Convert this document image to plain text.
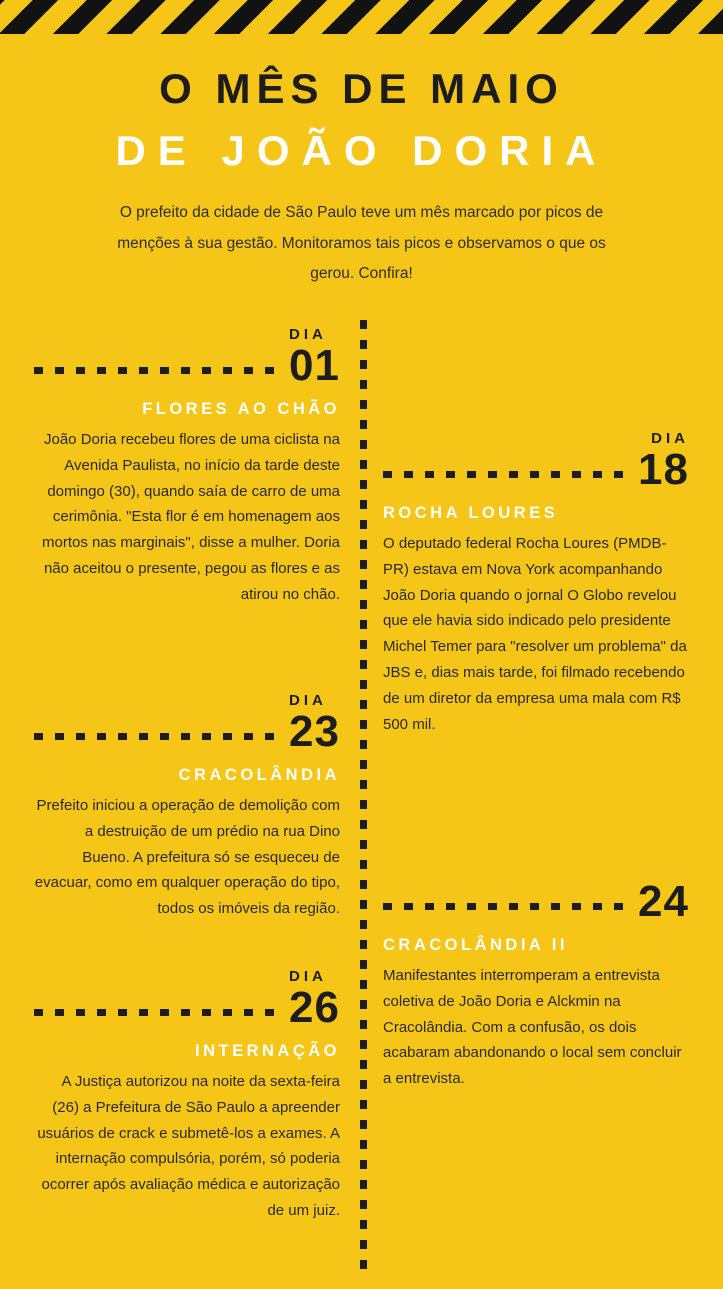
O MÊS DE MAIO
DE JOÃO DORIA

O prefeito da cidade de São Paulo teve um mês marcado por picos de menções à sua gestão. Monitoramos tais picos e observamos o que os gerou. Confira!

DIA
01
FLORES AO CHÃO

João Doria recebeu flores de uma ciclista na Avenida Paulista, no início da tarde deste domingo (30), quando saía de carro de uma cerimônia. "Esta flor é em homenagem aos mortos nas marginais", disse a mulher. Doria não aceitou o presente, pegou as flores e as atirou no chão.

DIA
23
CRACOLÂNDIA

Prefeito iniciou a operação de demolição com a destruição de um prédio na rua Dino Bueno. A prefeitura só se esqueceu de evacuar, como em qualquer operação do tipo, todos os imóveis da região.

DIA
26
INTERNAÇÃO

A Justiça autorizou na noite da sexta-feira (26) a Prefeitura de São Paulo a apreender usuários de crack e submetê-los a exames. A internação compulsória, porém, só poderia ocorrer após avaliação médica e autorização de um juiz.

DIA
18
ROCHA LOURES

O deputado federal Rocha Loures (PMDB-PR) estava em Nova York acompanhando João Doria quando o jornal O Globo revelou que ele havia sido indicado pelo presidente Michel Temer para "resolver um problema" da JBS e, dias mais tarde, foi filmado recebendo de um diretor da empresa uma mala com R$ 500 mil.

24
CRACOLÂNDIA II

Manifestantes interromperam a entrevista coletiva de João Doria e Alckmin na Cracolândia. Com a confusão, os dois acabaram abandonando o local sem concluir a entrevista.
